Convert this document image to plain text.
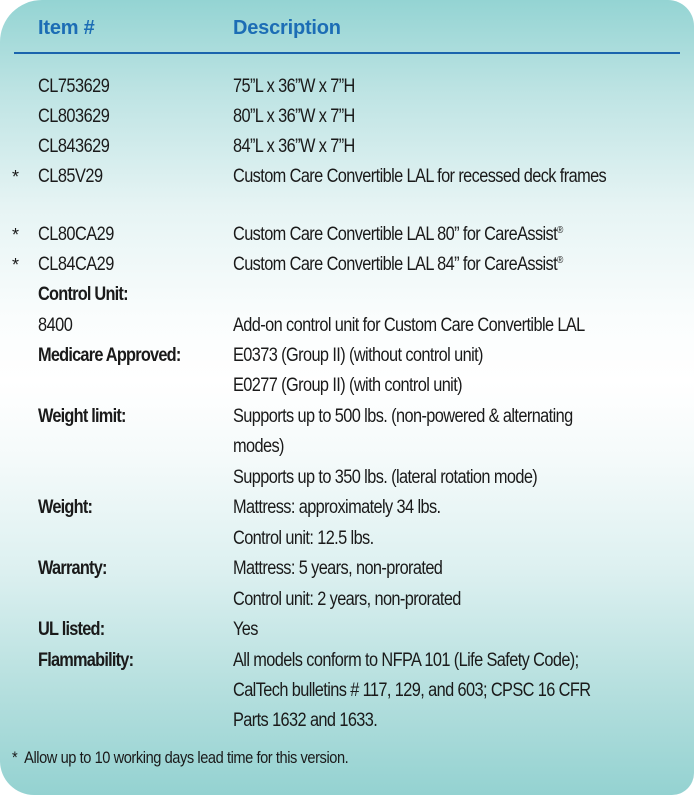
Item #	Description
CL753629	75”L x 36”W x 7”H
CL803629	80”L x 36”W x 7”H
CL843629	84”L x 36”W x 7”H
* CL85V29	Custom Care Convertible LAL for recessed deck frames
* CL80CA29	Custom Care Convertible LAL 80” for CareAssist®
* CL84CA29	Custom Care Convertible LAL 84” for CareAssist®
Control Unit:
8400	Add-on control unit for Custom Care Convertible LAL
Medicare Approved:	E0373 (Group II) (without control unit)
E0277 (Group II) (with control unit)
Weight limit:	Supports up to 500 lbs. (non-powered & alternating
modes)
Supports up to 350 lbs. (lateral rotation mode)
Weight:	Mattress: approximately 34 lbs.
Control unit: 12.5 lbs.
Warranty:	Mattress: 5 years, non-prorated
Control unit: 2 years, non-prorated
UL listed:	Yes
Flammability:	All models conform to NFPA 101 (Life Safety Code);
CalTech bulletins # 117, 129, and 603; CPSC 16 CFR
Parts 1632 and 1633.
* Allow up to 10 working days lead time for this version.
